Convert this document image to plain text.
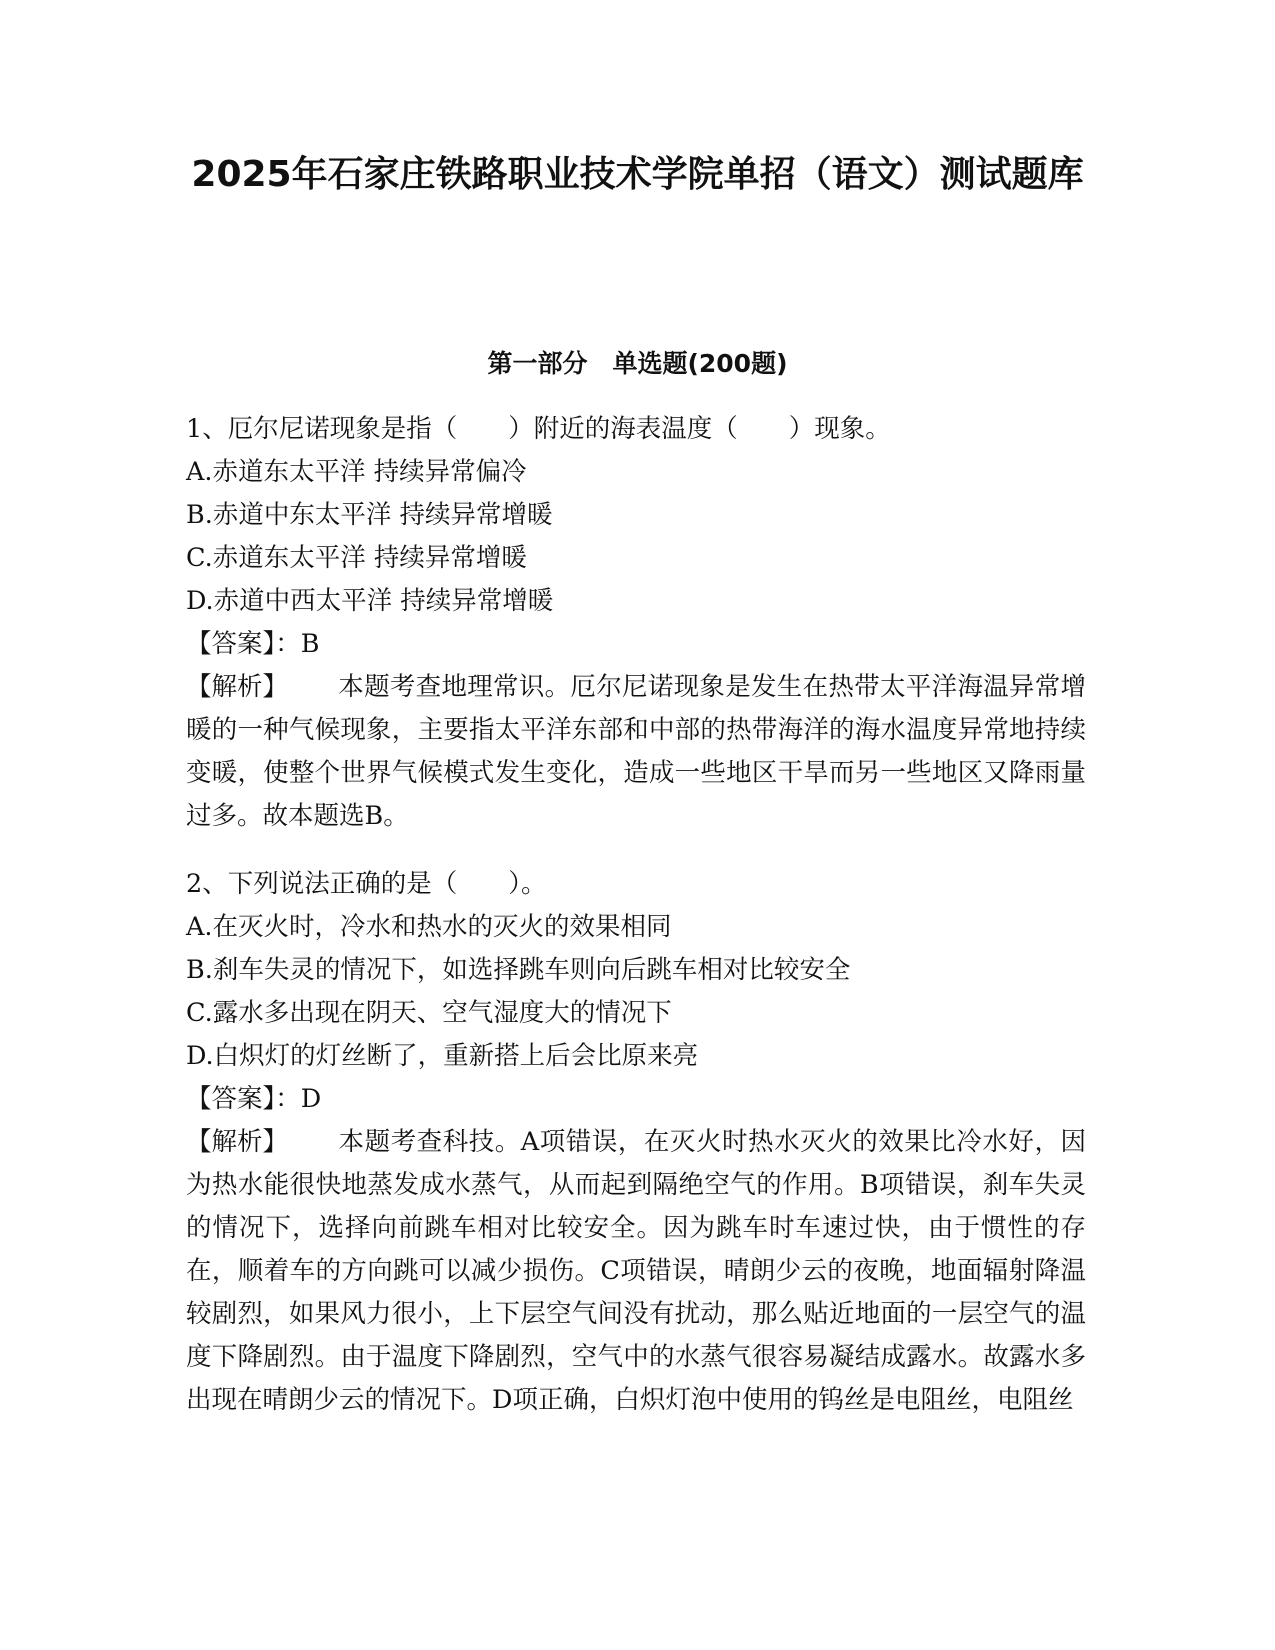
2025年石家庄铁路职业技术学院单招（语文）测试题库
第一部分　单选题(200题)
1、厄尔尼诺现象是指（　　）附近的海表温度（　　）现象。
A.赤道东太平洋 持续异常偏冷
B.赤道中东太平洋 持续异常增暖
C.赤道东太平洋 持续异常增暖
D.赤道中西太平洋 持续异常增暖
【答案】：B
【解析】 本题考查地理常识。厄尔尼诺现象是发生在热带太平洋海温异常增暖的一种气候现象，主要指太平洋东部和中部的热带海洋的海水温度异常地持续变暖，使整个世界气候模式发生变化，造成一些地区干旱而另一些地区又降雨量过多。故本题选B。
2、下列说法正确的是（　　）。
A.在灭火时，冷水和热水的灭火的效果相同
B.刹车失灵的情况下，如选择跳车则向后跳车相对比较安全
C.露水多出现在阴天、空气湿度大的情况下
D.白炽灯的灯丝断了，重新搭上后会比原来亮
【答案】：D
【解析】 本题考查科技。A项错误，在灭火时热水灭火的效果比冷水好，因为热水能很快地蒸发成水蒸气，从而起到隔绝空气的作用。B项错误，刹车失灵的情况下，选择向前跳车相对比较安全。因为跳车时车速过快，由于惯性的存在，顺着车的方向跳可以减少损伤。C项错误，晴朗少云的夜晚，地面辐射降温较剧烈，如果风力很小，上下层空气间没有扰动，那么贴近地面的一层空气的温度下降剧烈。由于温度下降剧烈，空气中的水蒸气很容易凝结成露水。故露水多出现在晴朗少云的情况下。D项正确，白炽灯泡中使用的钨丝是电阻丝，电阻丝
